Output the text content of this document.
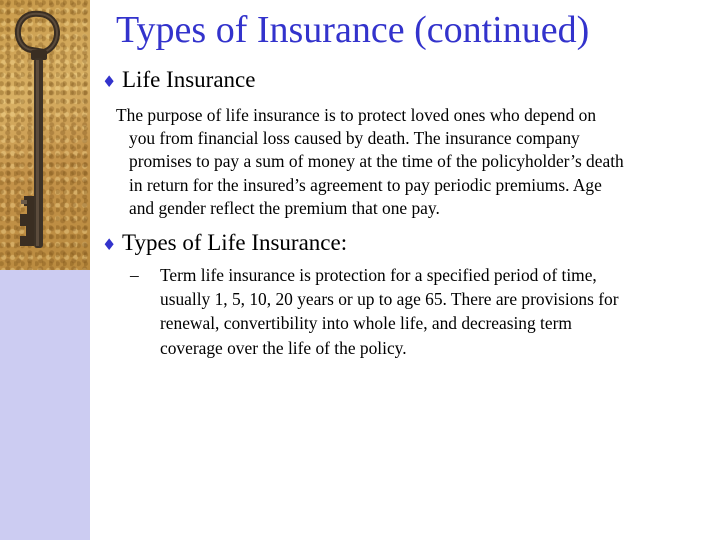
Types of Insurance (continued)
♦ Life Insurance
The purpose of life insurance is to protect loved ones who depend on
you from financial loss caused by death. The insurance company
promises to pay a sum of money at the time of the policyholder’s death
in return for the insured’s agreement to pay periodic premiums. Age
and gender reflect the premium that one pay.
♦ Types of Life Insurance:
–	Term life insurance is protection for a specified period of time,
usually 1, 5, 10, 20 years or up to age 65. There are provisions for
renewal, convertibility into whole life, and decreasing term
coverage over the life of the policy.
